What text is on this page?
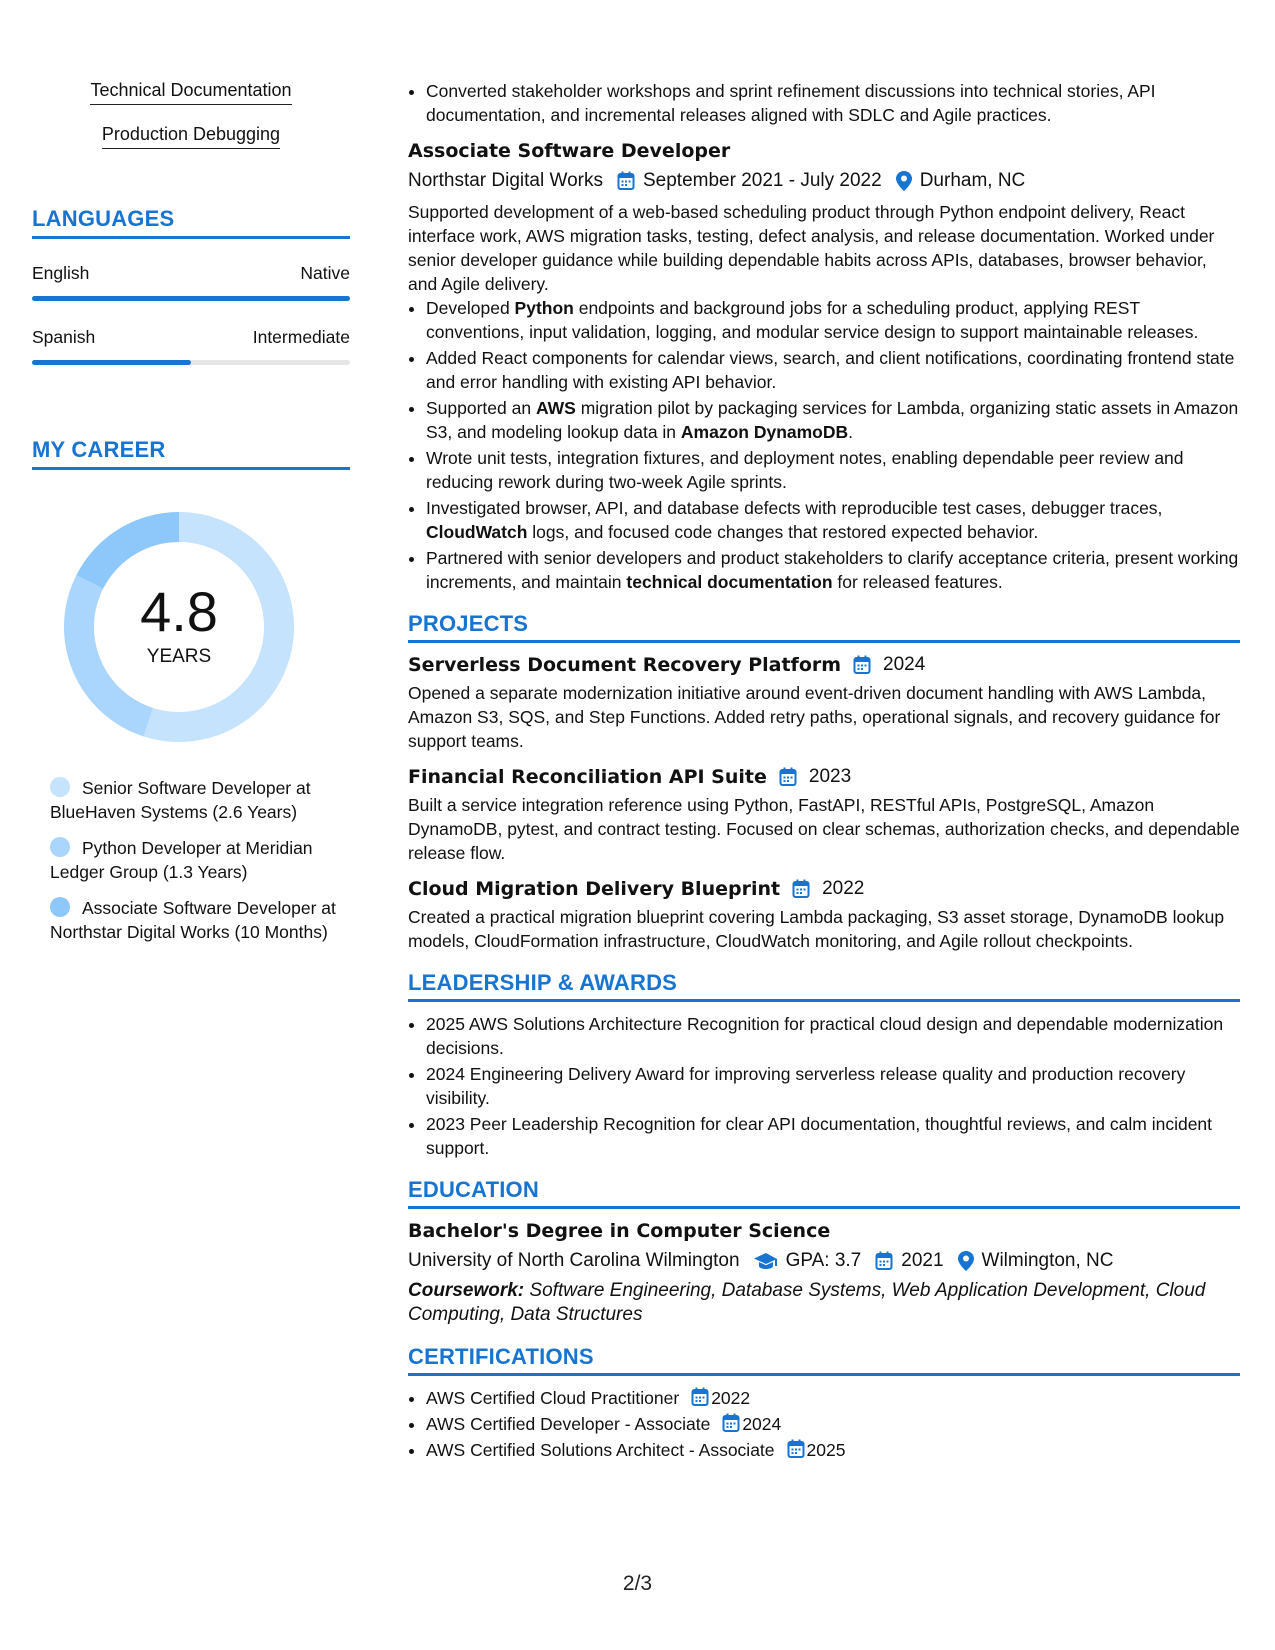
Technical Documentation
Production Debugging
LANGUAGES
English	Native
Spanish	Intermediate
MY CAREER
4.8
YEARS
Senior Software Developer at BlueHaven Systems (2.6 Years)
Python Developer at Meridian Ledger Group (1.3 Years)
Associate Software Developer at Northstar Digital Works (10 Months)
• Converted stakeholder workshops and sprint refinement discussions into technical stories, API documentation, and incremental releases aligned with SDLC and Agile practices.
Associate Software Developer
Northstar Digital Works September 2021 - July 2022 Durham, NC
Supported development of a web-based scheduling product through Python endpoint delivery, React interface work, AWS migration tasks, testing, defect analysis, and release documentation. Worked under senior developer guidance while building dependable habits across APIs, databases, browser behavior, and Agile delivery.
• Developed Python endpoints and background jobs for a scheduling product, applying REST conventions, input validation, logging, and modular service design to support maintainable releases.
• Added React components for calendar views, search, and client notifications, coordinating frontend state and error handling with existing API behavior.
• Supported an AWS migration pilot by packaging services for Lambda, organizing static assets in Amazon S3, and modeling lookup data in Amazon DynamoDB.
• Wrote unit tests, integration fixtures, and deployment notes, enabling dependable peer review and reducing rework during two-week Agile sprints.
• Investigated browser, API, and database defects with reproducible test cases, debugger traces, CloudWatch logs, and focused code changes that restored expected behavior.
• Partnered with senior developers and product stakeholders to clarify acceptance criteria, present working increments, and maintain technical documentation for released features.
PROJECTS
Serverless Document Recovery Platform 2024
Opened a separate modernization initiative around event-driven document handling with AWS Lambda, Amazon S3, SQS, and Step Functions. Added retry paths, operational signals, and recovery guidance for support teams.
Financial Reconciliation API Suite 2023
Built a service integration reference using Python, FastAPI, RESTful APIs, PostgreSQL, Amazon DynamoDB, pytest, and contract testing. Focused on clear schemas, authorization checks, and dependable release flow.
Cloud Migration Delivery Blueprint 2022
Created a practical migration blueprint covering Lambda packaging, S3 asset storage, DynamoDB lookup models, CloudFormation infrastructure, CloudWatch monitoring, and Agile rollout checkpoints.
LEADERSHIP & AWARDS
• 2025 AWS Solutions Architecture Recognition for practical cloud design and dependable modernization decisions.
• 2024 Engineering Delivery Award for improving serverless release quality and production recovery visibility.
• 2023 Peer Leadership Recognition for clear API documentation, thoughtful reviews, and calm incident support.
EDUCATION
Bachelor's Degree in Computer Science
University of North Carolina Wilmington GPA: 3.7 2021 Wilmington, NC
Coursework: Software Engineering, Database Systems, Web Application Development, Cloud Computing, Data Structures
CERTIFICATIONS
• AWS Certified Cloud Practitioner 2022
• AWS Certified Developer - Associate 2024
• AWS Certified Solutions Architect - Associate 2025
2/3
